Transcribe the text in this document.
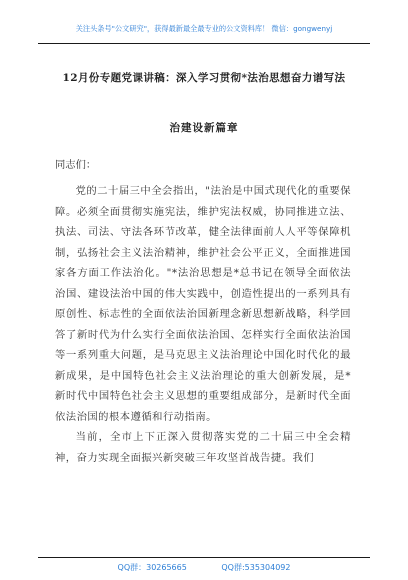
关注头条号"公文研究"，获得最新最全最专业的公文资料库！ 微信：gongwenyj
12月份专题党课讲稿：深入学习贯彻*法治思想奋力谱写法
治建设新篇章

同志们：

党的二十届三中全会指出，"法治是中国式现代化的重要保障。必须全面贯彻实施宪法，维护宪法权威，协同推进立法、执法、司法、守法各环节改革，健全法律面前人人平等保障机制，弘扬社会主义法治精神，维护社会公平正义，全面推进国家各方面工作法治化。"*法治思想是*总书记在领导全面依法治国、建设法治中国的伟大实践中，创造性提出的一系列具有原创性、标志性的全面依法治国新理念新思想新战略，科学回答了新时代为什么实行全面依法治国、怎样实行全面依法治国等一系列重大问题，是马克思主义法治理论中国化时代化的最新成果，是中国特色社会主义法治理论的重大创新发展，是*新时代中国特色社会主义思想的重要组成部分，是新时代全面依法治国的根本遵循和行动指南。

当前，全市上下正深入贯彻落实党的二十届三中全会精神，奋力实现全面振兴新突破三年攻坚首战告捷。我们

QQ群：30265665	QQ群:535304092
